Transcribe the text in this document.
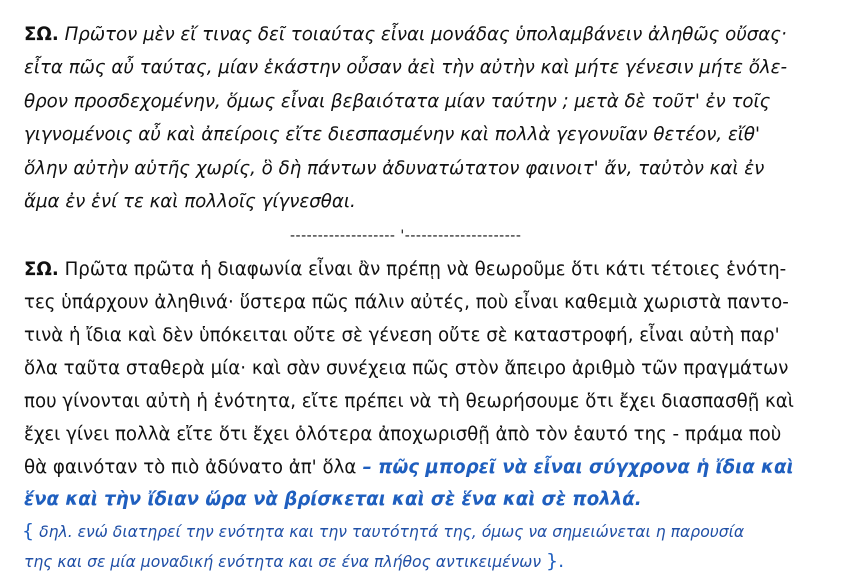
ΣΩ. Πρῶτον μὲν εἴ τινας δεῖ τοιαύτας εἶναι μονάδας ὑπολαμβάνειν ἀληθῶς οὔσας·
εἶτα πῶς αὖ ταύτας, μίαν ἑκάστην οὖσαν ἀεὶ τὴν αὐτὴν καὶ μήτε γένεσιν μήτε ὄλε-
θρον προσδεχομένην, ὅμως εἶναι βεβαιότατα μίαν ταύτην ; μετὰ δὲ τοῦτ' ἐν τοῖς
γιγνομένοις αὖ καὶ ἀπείροις εἴτε διεσπασμένην καὶ πολλὰ γεγονυῖαν θετέον, εἴθ'
ὅλην αὐτὴν αὑτῆς χωρίς, ὃ δὴ πάντων ἀδυνατώτατον φαινοιτ' ἄν, ταὐτὸν καὶ ἐν
ἅμα ἐν ἑνί τε καὶ πολλοῖς γίγνεσθαι.
------------------- '---------------------
ΣΩ. Πρῶτα πρῶτα ἡ διαφωνία εἶναι ἂν πρέπῃ νὰ θεωροῦμε ὅτι κάτι τέτοιες ἑνότη-
τες ὑπάρχουν ἀληθινά· ὕστερα πῶς πάλιν αὐτές, ποὺ εἶναι καθεμιὰ χωριστὰ παντο-
τινὰ ἡ ἴδια καὶ δὲν ὑπόκειται οὔτε σὲ γένεση οὔτε σὲ καταστροφή, εἶναι αὐτὴ παρ'
ὅλα ταῦτα σταθερὰ μία· καὶ σὰν συνέχεια πῶς στὸν ἄπειρο ἀριθμὸ τῶν πραγμάτων
που γίνονται αὐτὴ ἡ ἑνότητα, εἴτε πρέπει νὰ τὴ θεωρήσουμε ὅτι ἔχει διασπασθῇ καὶ
ἔχει γίνει πολλὰ εἴτε ὅτι ἔχει ὁλότερα ἀποχωρισθῇ ἀπὸ τὸν ἑαυτό της - πράμα ποὺ
θὰ φαινόταν τὸ πιὸ ἀδύνατο ἀπ' ὅλα – πῶς μπορεῖ νὰ εἶναι σύγχρονα ἡ ἴδια καὶ
ἕνα καὶ τὴν ἴδιαν ὥρα νὰ βρίσκεται καὶ σὲ ἕνα καὶ σὲ πολλά.
{ δηλ. ενώ διατηρεί την ενότητα και την ταυτότητά της, όμως να σημειώνεται η παρουσία
της και σε μία μοναδική ενότητα και σε ένα πλήθος αντικειμένων }.
